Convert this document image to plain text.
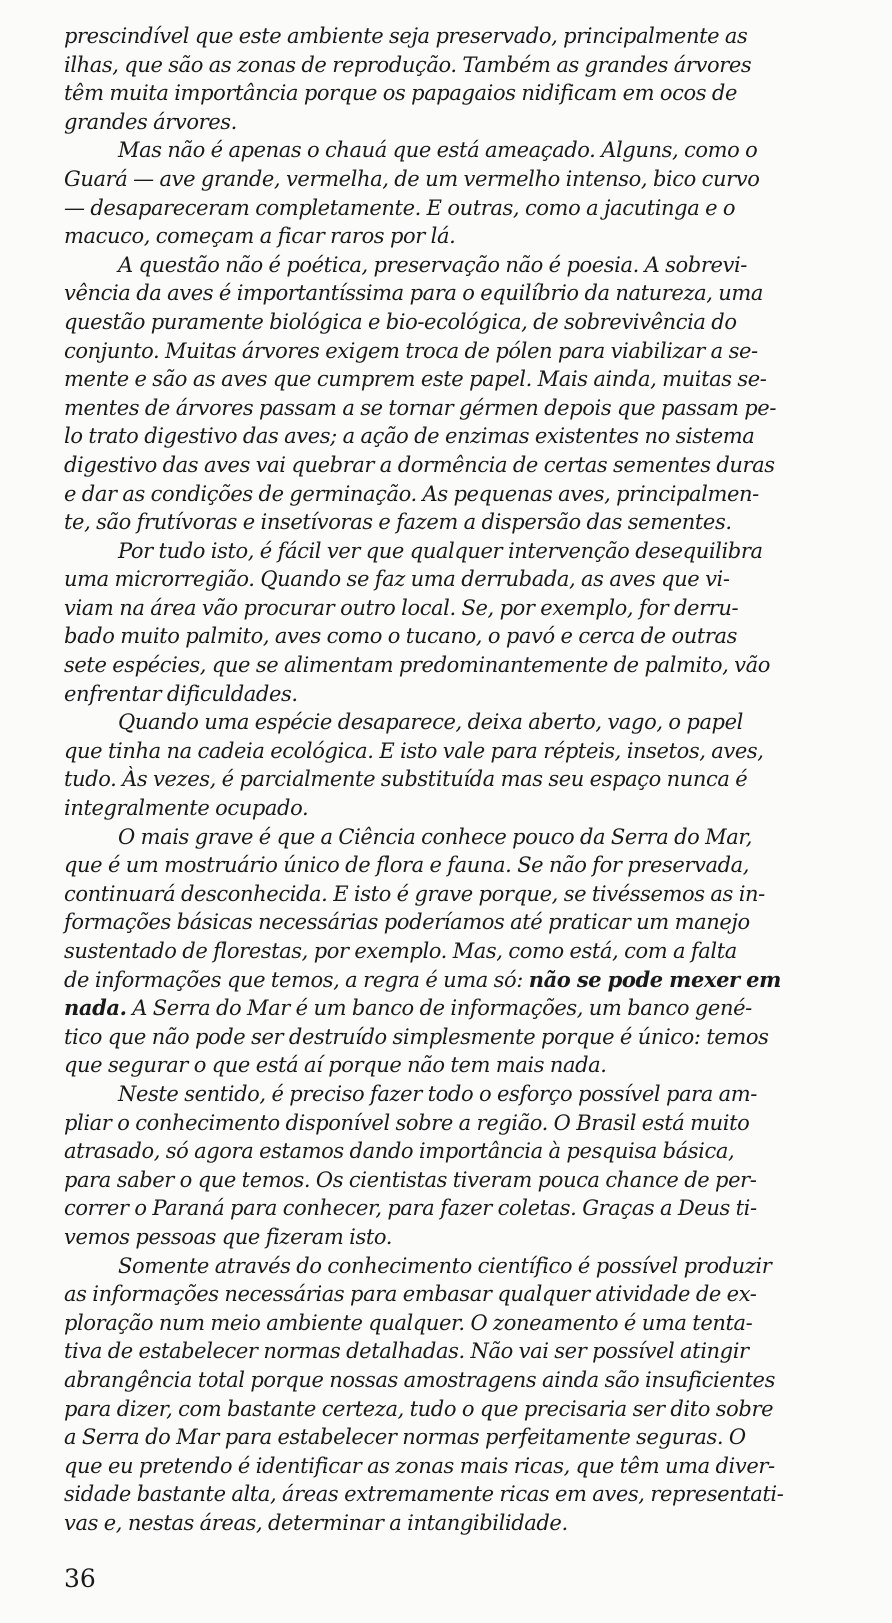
prescindível que este ambiente seja preservado, principalmente as
ilhas, que são as zonas de reprodução. Também as grandes árvores
têm muita importância porque os papagaios nidificam em ocos de
grandes árvores.
Mas não é apenas o chauá que está ameaçado. Alguns, como o
Guará — ave grande, vermelha, de um vermelho intenso, bico curvo
— desapareceram completamente. E outras, como a jacutinga e o
macuco, começam a ficar raros por lá.
A questão não é poética, preservação não é poesia. A sobrevi-
vência da aves é importantíssima para o equilíbrio da natureza, uma
questão puramente biológica e bio-ecológica, de sobrevivência do
conjunto. Muitas árvores exigem troca de pólen para viabilizar a se-
mente e são as aves que cumprem este papel. Mais ainda, muitas se-
mentes de árvores passam a se tornar gérmen depois que passam pe-
lo trato digestivo das aves; a ação de enzimas existentes no sistema
digestivo das aves vai quebrar a dormência de certas sementes duras
e dar as condições de germinação. As pequenas aves, principalmen-
te, são frutívoras e insetívoras e fazem a dispersão das sementes.
Por tudo isto, é fácil ver que qualquer intervenção desequilibra
uma microrregião. Quando se faz uma derrubada, as aves que vi-
viam na área vão procurar outro local. Se, por exemplo, for derru-
bado muito palmito, aves como o tucano, o pavó e cerca de outras
sete espécies, que se alimentam predominantemente de palmito, vão
enfrentar dificuldades.
Quando uma espécie desaparece, deixa aberto, vago, o papel
que tinha na cadeia ecológica. E isto vale para répteis, insetos, aves,
tudo. Às vezes, é parcialmente substituída mas seu espaço nunca é
integralmente ocupado.
O mais grave é que a Ciência conhece pouco da Serra do Mar,
que é um mostruário único de flora e fauna. Se não for preservada,
continuará desconhecida. E isto é grave porque, se tivéssemos as in-
formações básicas necessárias poderíamos até praticar um manejo
sustentado de florestas, por exemplo. Mas, como está, com a falta
de informações que temos, a regra é uma só: não se pode mexer em
nada. A Serra do Mar é um banco de informações, um banco gené-
tico que não pode ser destruído simplesmente porque é único: temos
que segurar o que está aí porque não tem mais nada.
Neste sentido, é preciso fazer todo o esforço possível para am-
pliar o conhecimento disponível sobre a região. O Brasil está muito
atrasado, só agora estamos dando importância à pesquisa básica,
para saber o que temos. Os cientistas tiveram pouca chance de per-
correr o Paraná para conhecer, para fazer coletas. Graças a Deus ti-
vemos pessoas que fizeram isto.
Somente através do conhecimento científico é possível produzir
as informações necessárias para embasar qualquer atividade de ex-
ploração num meio ambiente qualquer. O zoneamento é uma tenta-
tiva de estabelecer normas detalhadas. Não vai ser possível atingir
abrangência total porque nossas amostragens ainda são insuficientes
para dizer, com bastante certeza, tudo o que precisaria ser dito sobre
a Serra do Mar para estabelecer normas perfeitamente seguras. O
que eu pretendo é identificar as zonas mais ricas, que têm uma diver-
sidade bastante alta, áreas extremamente ricas em aves, representati-
vas e, nestas áreas, determinar a intangibilidade.
36
